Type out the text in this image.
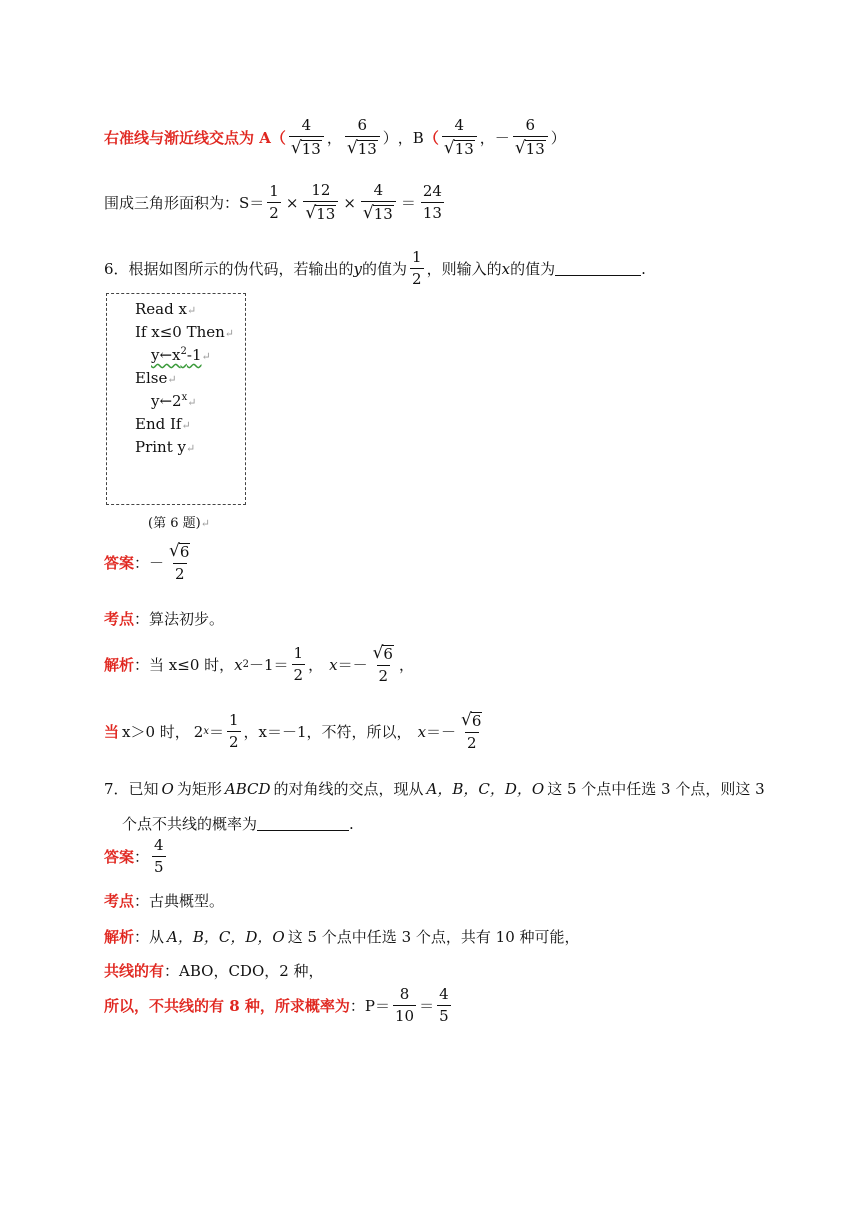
右准线与渐近线交点为 A （ $\frac{4}{√ 13}$ ， $\frac{6}{√ 13}$ ） ，B （ $\frac{4}{√ 13}$ ， － $\frac{6}{√ 13}$ ）
围成三角形面积为：$S= \frac{1}{2} \times \frac{12}{√ 13} \times \frac{4}{√ 13} = \frac{24}{13}$
6．根据如图所示的伪代码，若输出的 y 的值为 $\frac{1}{2}$ ，则输入的 x 的值为	.
Read x↵
If x≤0 Then↵
$y\leftarrow x^2-1↵$
Else↵
y←2$^x$↵
End If↵
Print y↵
(第 6 题)↵
答案 ： － $\frac{√ 6}{2}$
考点 ： 算法初步。
解析 ： 当 x≤0 时， x $2 -1= \frac{1}{2}$ ， $x =- \frac{√ 6}{2}$ ，
当 x＞0 时， 2 $x = \frac{1}{2}$ ，x＝－1，不符，所以， $x =- \frac{√ 6}{2}$
7．已知 O 为矩形 ABCD 的对角线的交点，现从 A，B，C，D，O 这 5 个点中任选 3 个点，则这 3
个点不共线的概率为	.
答案 ： $\frac{4}{5}$
考点 ： 古典概型。
解析 ： 从 A，B，C，D，O 这 5 个点中任选 3 个点，共有 10 种可能，
共线的有 ：ABO，CDO，2 种，
所以，不共线的有 8 种，所求概率为 ：$P= \frac{8}{10} = \frac{4}{5}$
